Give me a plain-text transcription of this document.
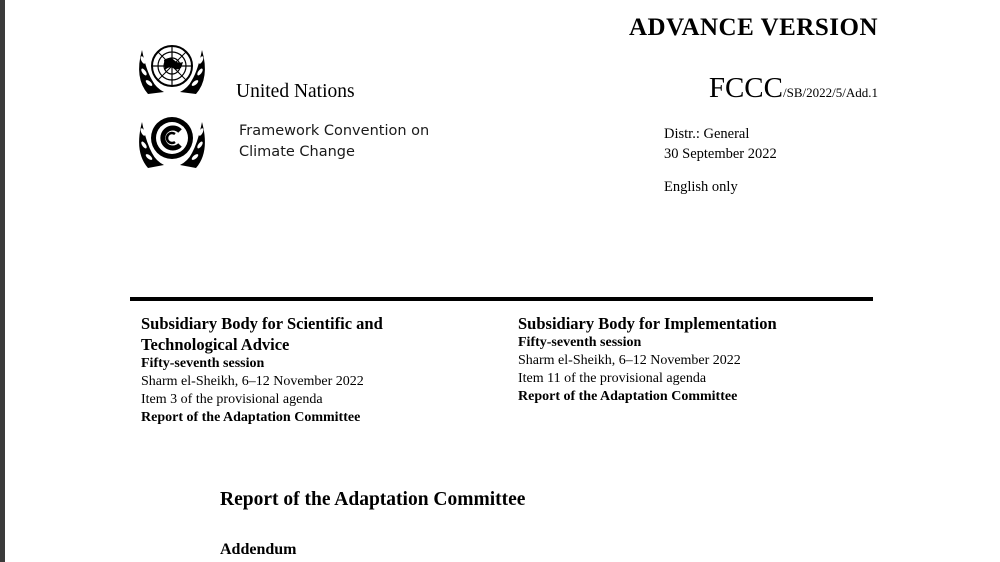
ADVANCE VERSION
United Nations	FCCC/SB/2022/5/Add.1
Framework Convention on
Climate Change
Distr.: General
30 September 2022
English only
Subsidiary Body for Scientific and
Technological Advice
Fifty-seventh session
Sharm el-Sheikh, 6–12 November 2022
Item 3 of the provisional agenda
Report of the Adaptation Committee
Subsidiary Body for Implementation
Fifty-seventh session
Sharm el-Sheikh, 6–12 November 2022
Item 11 of the provisional agenda
Report of the Adaptation Committee
Report of the Adaptation Committee
Addendum
